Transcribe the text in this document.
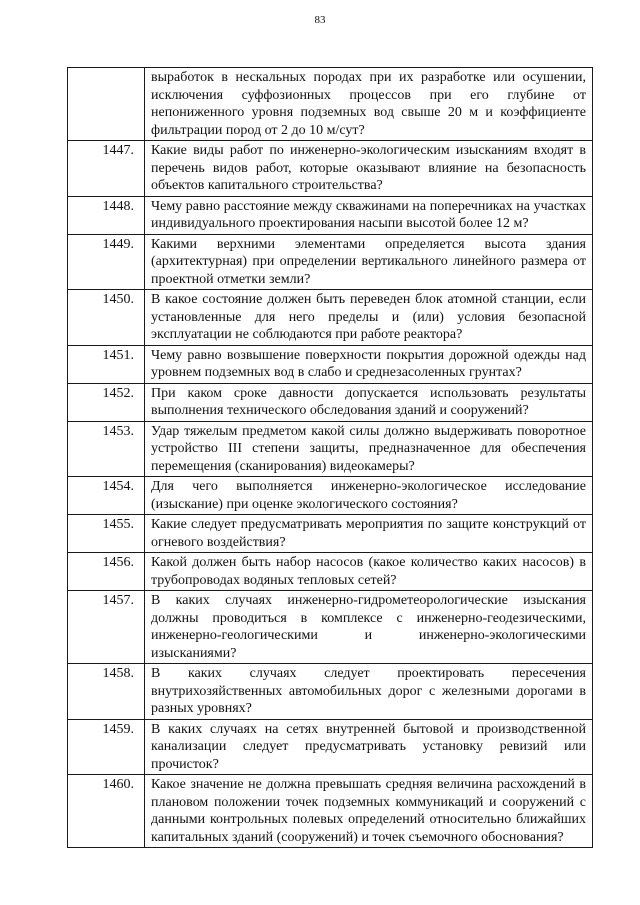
83
	выработок в нескальных породах при их разработке или осушении, исключения суффозионных процессов при его глубине от непониженного уровня подземных вод свыше 20 м и коэффициенте фильтрации пород от 2 до 10 м/сут?
1447.	Какие виды работ по инженерно-экологическим изысканиям входят в перечень видов работ, которые оказывают влияние на безопасность объектов капитального строительства?
1448.	Чему равно расстояние между скважинами на поперечниках на участках индивидуального проектирования насыпи высотой более 12 м?
1449.	Какими верхними элементами определяется высота здания (архитектурная) при определении вертикального линейного размера от проектной отметки земли?
1450.	В какое состояние должен быть переведен блок атомной станции, если установленные для него пределы и (или) условия безопасной эксплуатации не соблюдаются при работе реактора?
1451.	Чему равно возвышение поверхности покрытия дорожной одежды над уровнем подземных вод в слабо и среднезасоленных грунтах?
1452.	При каком сроке давности допускается использовать результаты выполнения технического обследования зданий и сооружений?
1453.	Удар тяжелым предметом какой силы должно выдерживать поворотное устройство III степени защиты, предназначенное для обеспечения перемещения (сканирования) видеокамеры?
1454.	Для чего выполняется инженерно-экологическое исследование (изыскание) при оценке экологического состояния?
1455.	Какие следует предусматривать мероприятия по защите конструкций от огневого воздействия?
1456.	Какой должен быть набор насосов (какое количество каких насосов) в трубопроводах водяных тепловых сетей?
1457.	В каких случаях инженерно-гидрометеорологические изыскания должны проводиться в комплексе с инженерно-геодезическими, инженерно-геологическими и инженерно-экологическими изысканиями?
1458.	В каких случаях следует проектировать пересечения внутрихозяйственных автомобильных дорог с железными дорогами в разных уровнях?
1459.	В каких случаях на сетях внутренней бытовой и производственной канализации следует предусматривать установку ревизий или прочисток?
1460.	Какое значение не должна превышать средняя величина расхождений в плановом положении точек подземных коммуникаций и сооружений с данными контрольных полевых определений относительно ближайших капитальных зданий (сооружений) и точек съемочного обоснования?
